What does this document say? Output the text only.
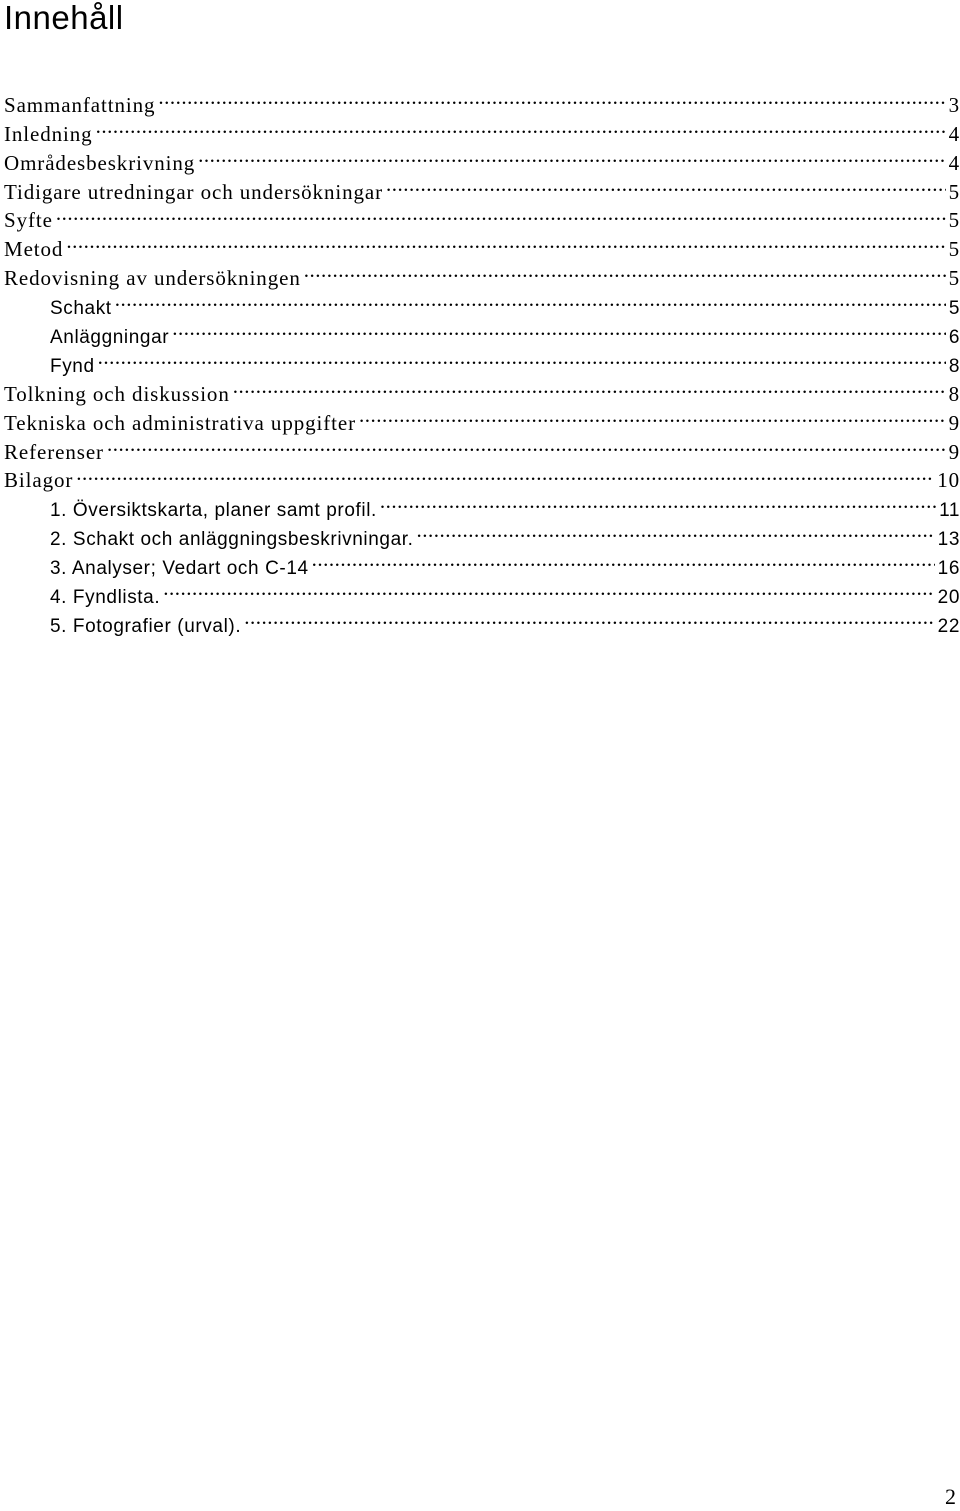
Innehåll
Sammanfattning .....	3
Inledning .....	4
Områdesbeskrivning .....	4
Tidigare utredningar och undersökningar .....	5
Syfte .....	5
Metod .....	5
Redovisning av undersökningen .....	5
Schakt .....	5
Anläggningar .....	6
Fynd .....	8
Tolkning och diskussion .....	8
Tekniska och administrativa uppgifter .....	9
Referenser .....	9
Bilagor .....	10
1. Översiktskarta, planer samt profil. .....	11
2. Schakt och anläggningsbeskrivningar. .....	13
3. Analyser; Vedart och C-14 .....	16
4. Fyndlista. .....	20
5. Fotografier (urval). .....	22
2
